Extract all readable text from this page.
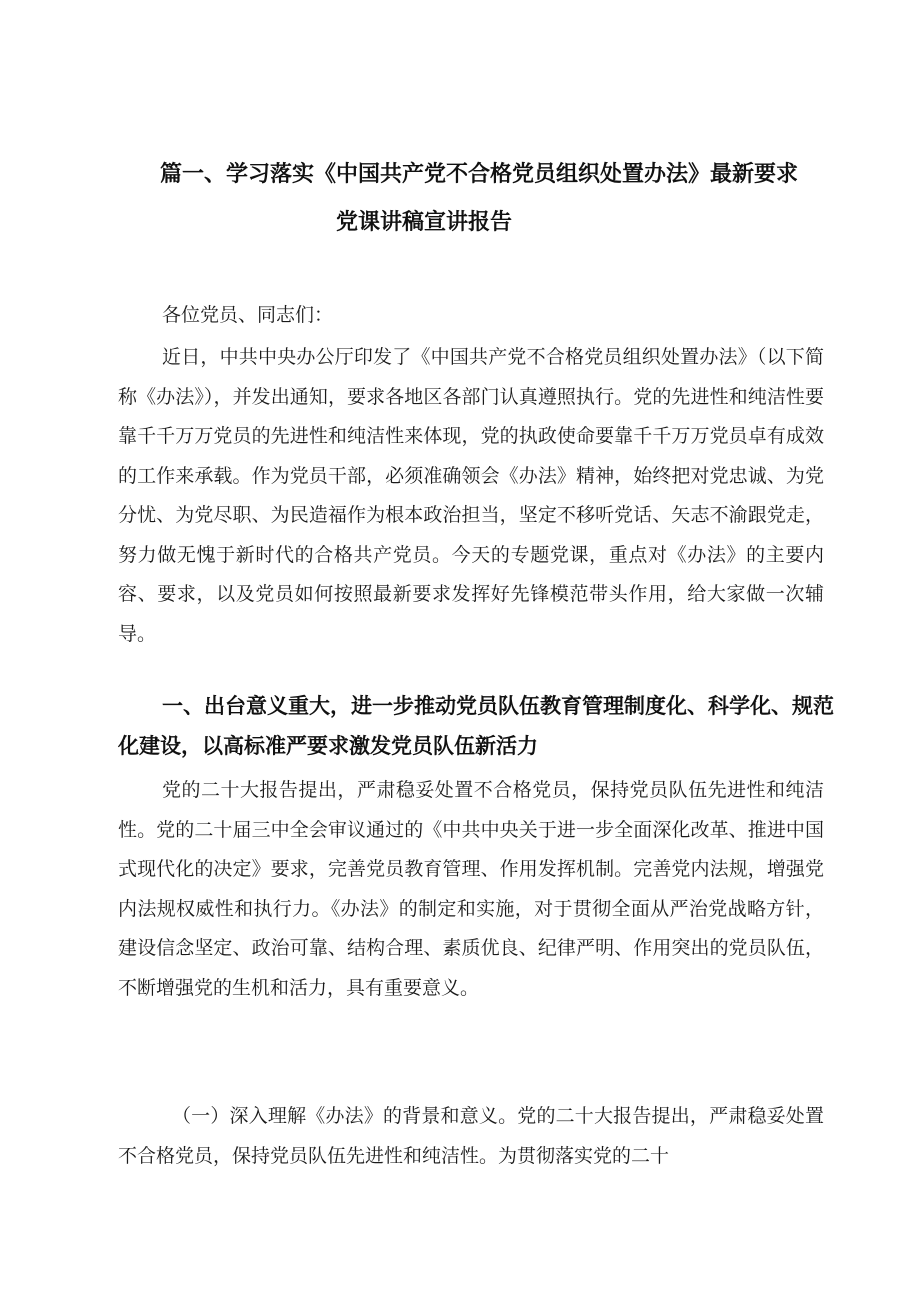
篇一、学习落实《中国共产党不合格党员组织处置办法》最新要求
党课讲稿宣讲报告
各位党员、同志们：

近日，中共中央办公厅印发了《中国共产党不合格党员组织处置办法》（以下简称《办法》），并发出通知，要求各地区各部门认真遵照执行。党的先进性和纯洁性要靠千千万万党员的先进性和纯洁性来体现，党的执政使命要靠千千万万党员卓有成效的工作来承载。作为党员干部，必须准确领会《办法》精神，始终把对党忠诚、为党分忧、为党尽职、为民造福作为根本政治担当，坚定不移听党话、矢志不渝跟党走，努力做无愧于新时代的合格共产党员。今天的专题党课，重点对《办法》的主要内容、要求，以及党员如何按照最新要求发挥好先锋模范带头作用，给大家做一次辅导。

一、出台意义重大，进一步推动党员队伍教育管理制度化、科学化、规范化建设，以高标准严要求激发党员队伍新活力

党的二十大报告提出，严肃稳妥处置不合格党员，保持党员队伍先进性和纯洁性。党的二十届三中全会审议通过的《中共中央关于进一步全面深化改革、推进中国式现代化的决定》要求，完善党员教育管理、作用发挥机制。完善党内法规，增强党内法规权威性和执行力。《办法》的制定和实施，对于贯彻全面从严治党战略方针，建设信念坚定、政治可靠、结构合理、素质优良、纪律严明、作用突出的党员队伍，不断增强党的生机和活力，具有重要意义。

（一）深入理解《办法》的背景和意义。党的二十大报告提出，严肃稳妥处置不合格党员，保持党员队伍先进性和纯洁性。为贯彻落实党的二十
